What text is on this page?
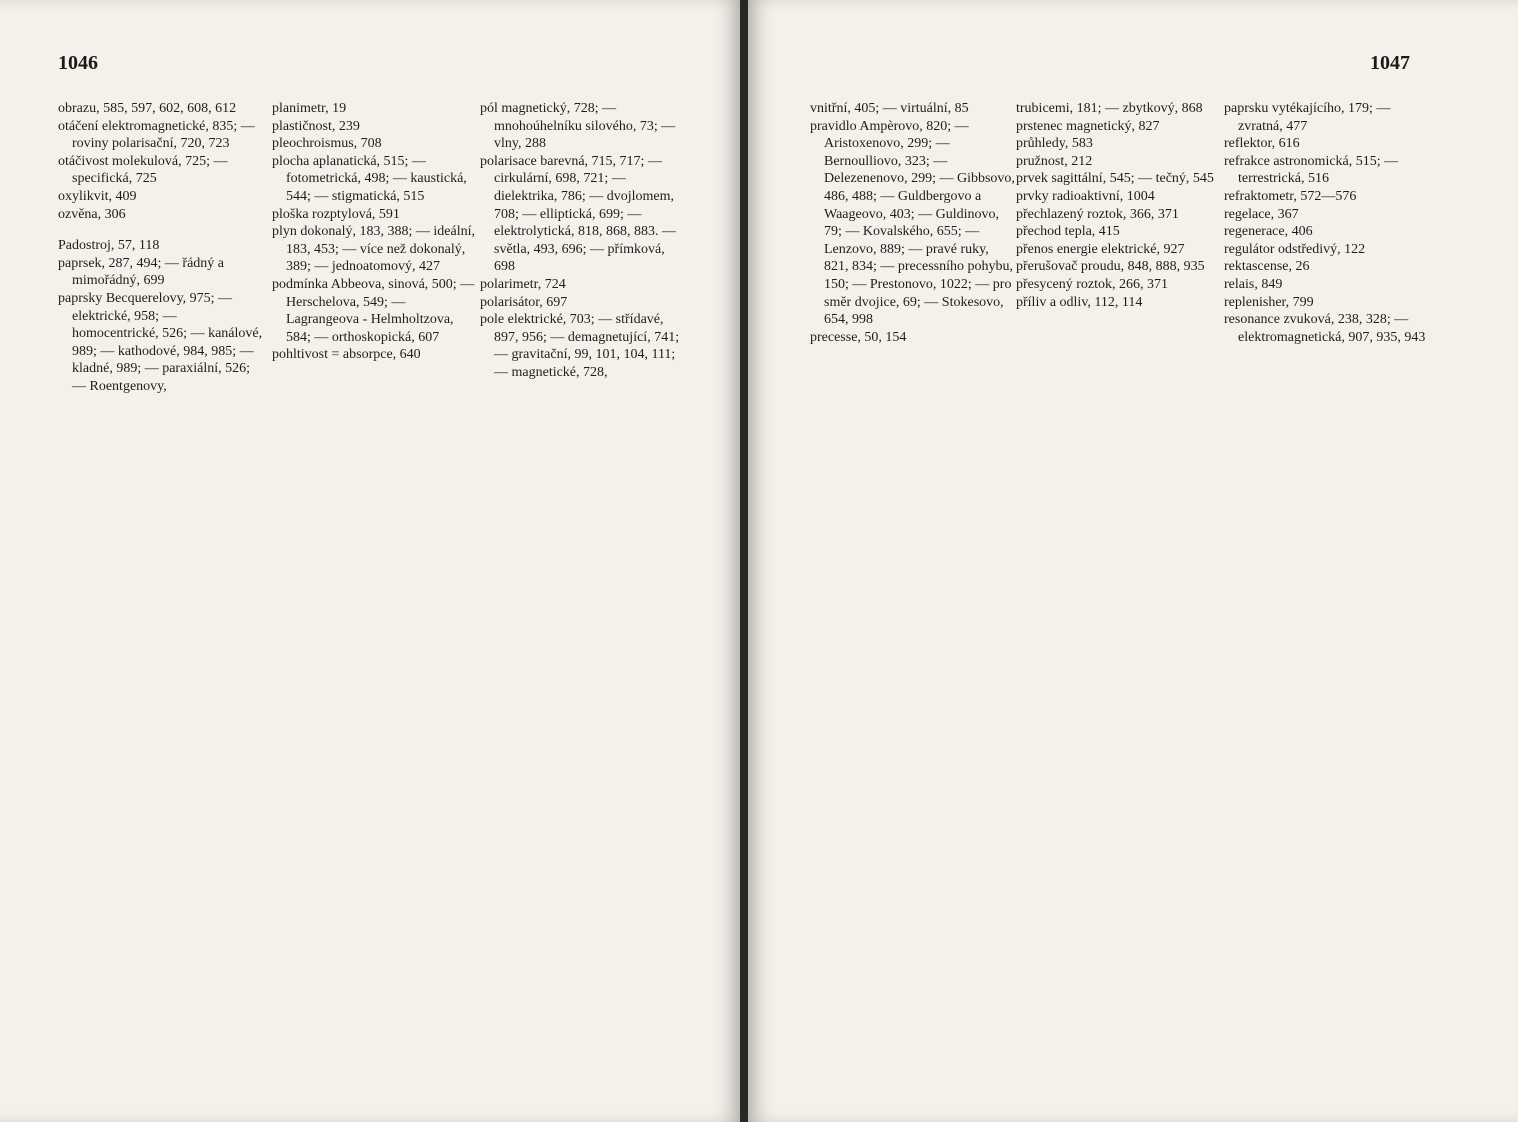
1046

obrazu, 585, 597, 602, 608, 612

otáčení elektromagnetické, 835; — roviny polarisační, 720, 723

otáčivost molekulová, 725; — specifická, 725

oxylikvit, 409

ozvěna, 306

Padostroj, 57, 118

paprsek, 287, 494; — řádný a mimořádný, 699

paprsky Becquerelovy, 975; — elektrické, 958; — homocentrické, 526; — kanálové, 989; — kathodové, 984, 985; — kladné, 989; — paraxiální, 526; — Roentgenovy,

planimetr, 19

plastičnost, 239

pleochroismus, 708

plocha aplanatická, 515; — fotometrická, 498; — kaustická, 544; — stigmatická, 515

ploška rozptylová, 591

plyn dokonalý, 183, 388; — ideální, 183, 453; — více než dokonalý, 389; — jednoatomový, 427

podmínka Abbeova, sinová, 500; — Herschelova, 549; — Lagrangeova - Helmholtzova, 584; — orthoskopická, 607

pohltivost = absorpce, 640

pól magnetický, 728; — mnohoúhelníku silového, 73; — vlny, 288

polarisace barevná, 715, 717; — cirkulární, 698, 721; — dielektrika, 786; — dvojlomem, 708; — elliptická, 699; — elektrolytická, 818, 868, 883. — světla, 493, 696; — přímková, 698

polarimetr, 724

polarisátor, 697

pole elektrické, 703; — střídavé, 897, 956; — demagnetující, 741; — gravitační, 99, 101, 104, 111; — magnetické, 728,

1047

vnitřní, 405; — virtuální, 85

pravidlo Ampèrovo, 820; — Aristoxenovo, 299; — Bernoulliovo, 323; — Delezenenovo, 299; — Gibbsovo, 486, 488; — Guldbergovo a Waageovo, 403; — Guldinovo, 79; — Kovalského, 655; — Lenzovo, 889; — pravé ruky, 821, 834; — precessního pohybu, 150; — Prestonovo, 1022; — pro směr dvojice, 69; — Stokesovo, 654, 998

precesse, 50, 154

trubicemi, 181; — zbytkový, 868

prstenec magnetický, 827

průhledy, 583

pružnost, 212

prvek sagittální, 545; — tečný, 545

prvky radioaktivní, 1004

přechlazený roztok, 366, 371

přechod tepla, 415

přenos energie elektrické, 927

přerušovač proudu, 848, 888, 935

přesycený roztok, 266, 371

příliv a odliv, 112, 114

paprsku vytékajícího, 179; — zvratná, 477

reflektor, 616

refrakce astronomická, 515; — terrestrická, 516

refraktometr, 572—576

regelace, 367

regenerace, 406

regulátor odstředivý, 122

rektascense, 26

relais, 849

replenisher, 799

resonance zvuková, 238, 328; — elektromagnetická, 907, 935, 943
